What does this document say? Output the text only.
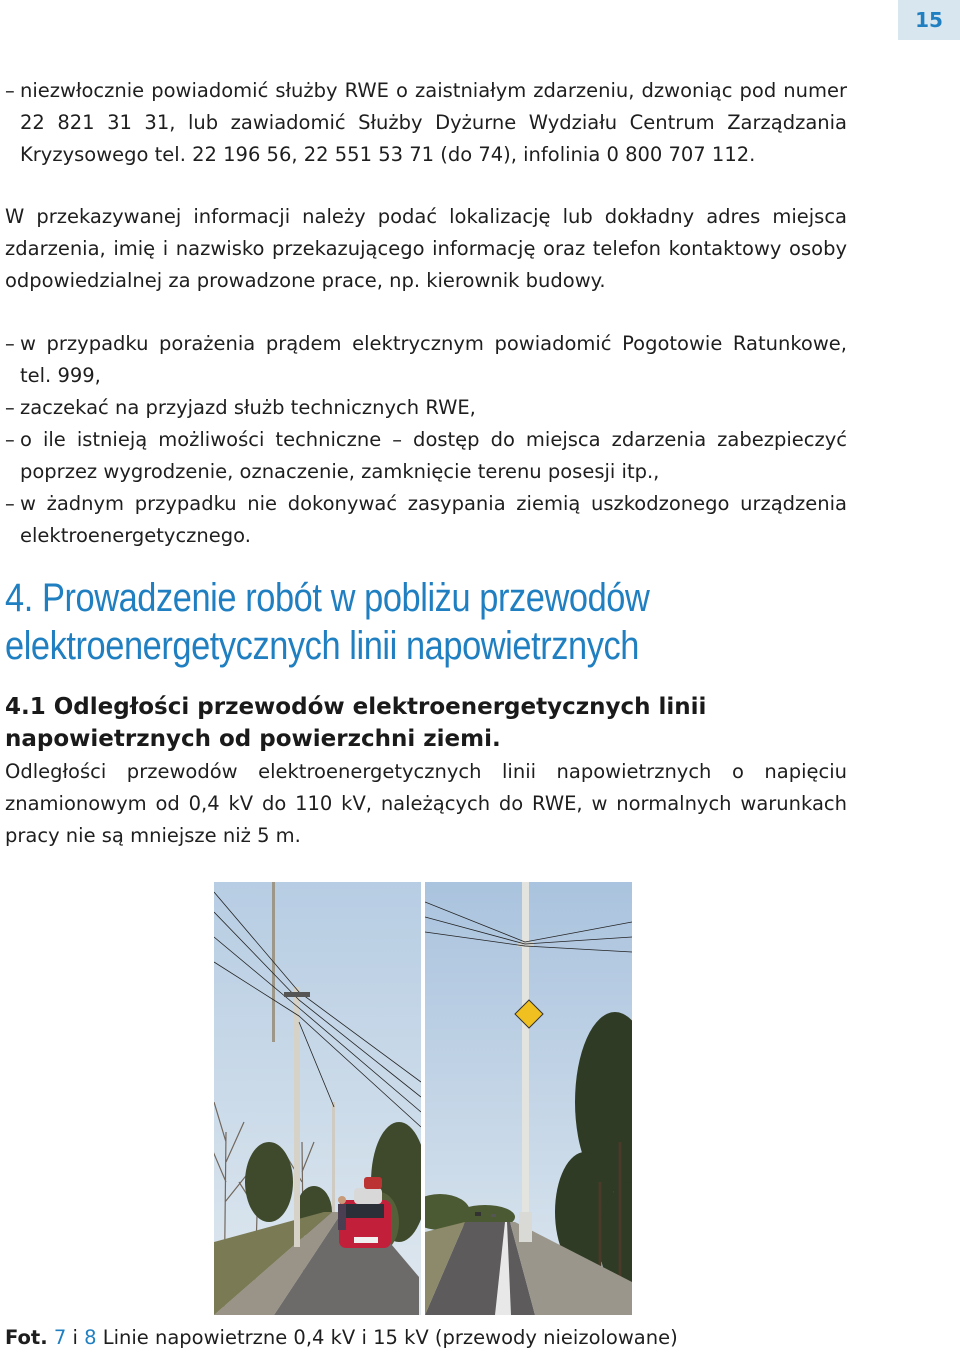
15
– niezwłocznie powiadomić służby RWE o zaistniałym zdarzeniu, dzwoniąc pod numer 22 821 31 31, lub zawiadomić Służby Dyżurne Wydziału Centrum Zarządzania Kryzysowego tel. 22 196 56, 22 551 53 71 (do 74), infolinia 0 800 707 112.
W przekazywanej informacji należy podać lokalizację lub dokładny adres miejsca zdarzenia, imię i nazwisko przekazującego informację oraz telefon kontaktowy osoby odpowiedzialnej za prowadzone prace, np. kierownik budowy.
– w przypadku porażenia prądem elektrycznym powiadomić Pogotowie Ratunkowe, tel. 999,
– zaczekać na przyjazd służb technicznych RWE,
– o ile istnieją możliwości techniczne – dostęp do miejsca zdarzenia zabezpieczyć poprzez wygrodzenie, oznaczenie, zamknięcie terenu posesji itp.,
– w żadnym przypadku nie dokonywać zasypania ziemią uszkodzonego urządzenia elektroenergetycznego.
4. Prowadzenie robót w pobliżu przewodów elektroenergetycznych linii napowietrznych
4.1 Odległości przewodów elektroenergetycznych linii napowietrznych od powierzchni ziemi.
Odległości przewodów elektroenergetycznych linii napowietrznych o napięciu znamionowym od 0,4 kV do 110 kV, należących do RWE, w normalnych warunkach pracy nie są mniejsze niż 5 m.
Fot. 7 i 8 Linie napowietrzne 0,4 kV i 15 kV (przewody nieizolowane)
